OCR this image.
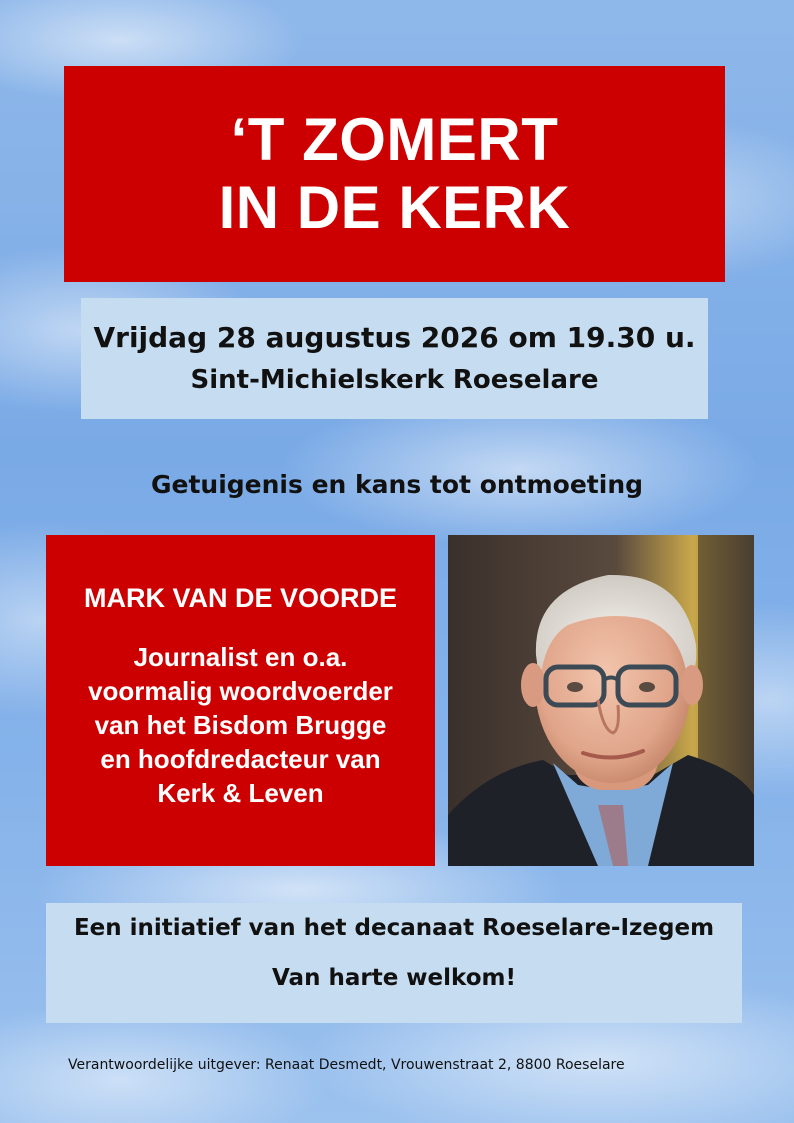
‘T ZOMERT
IN DE KERK
Vrijdag 28 augustus 2026 om 19.30 u.
Sint-Michielskerk Roeselare
Getuigenis en kans tot ontmoeting
MARK VAN DE VOORDE
Journalist en o.a.
voormalig woordvoerder
van het Bisdom Brugge
en hoofdredacteur van
Kerk & Leven
Een initiatief van het decanaat Roeselare-Izegem
Van harte welkom!
Verantwoordelijke uitgever: Renaat Desmedt, Vrouwenstraat 2, 8800 Roeselare
